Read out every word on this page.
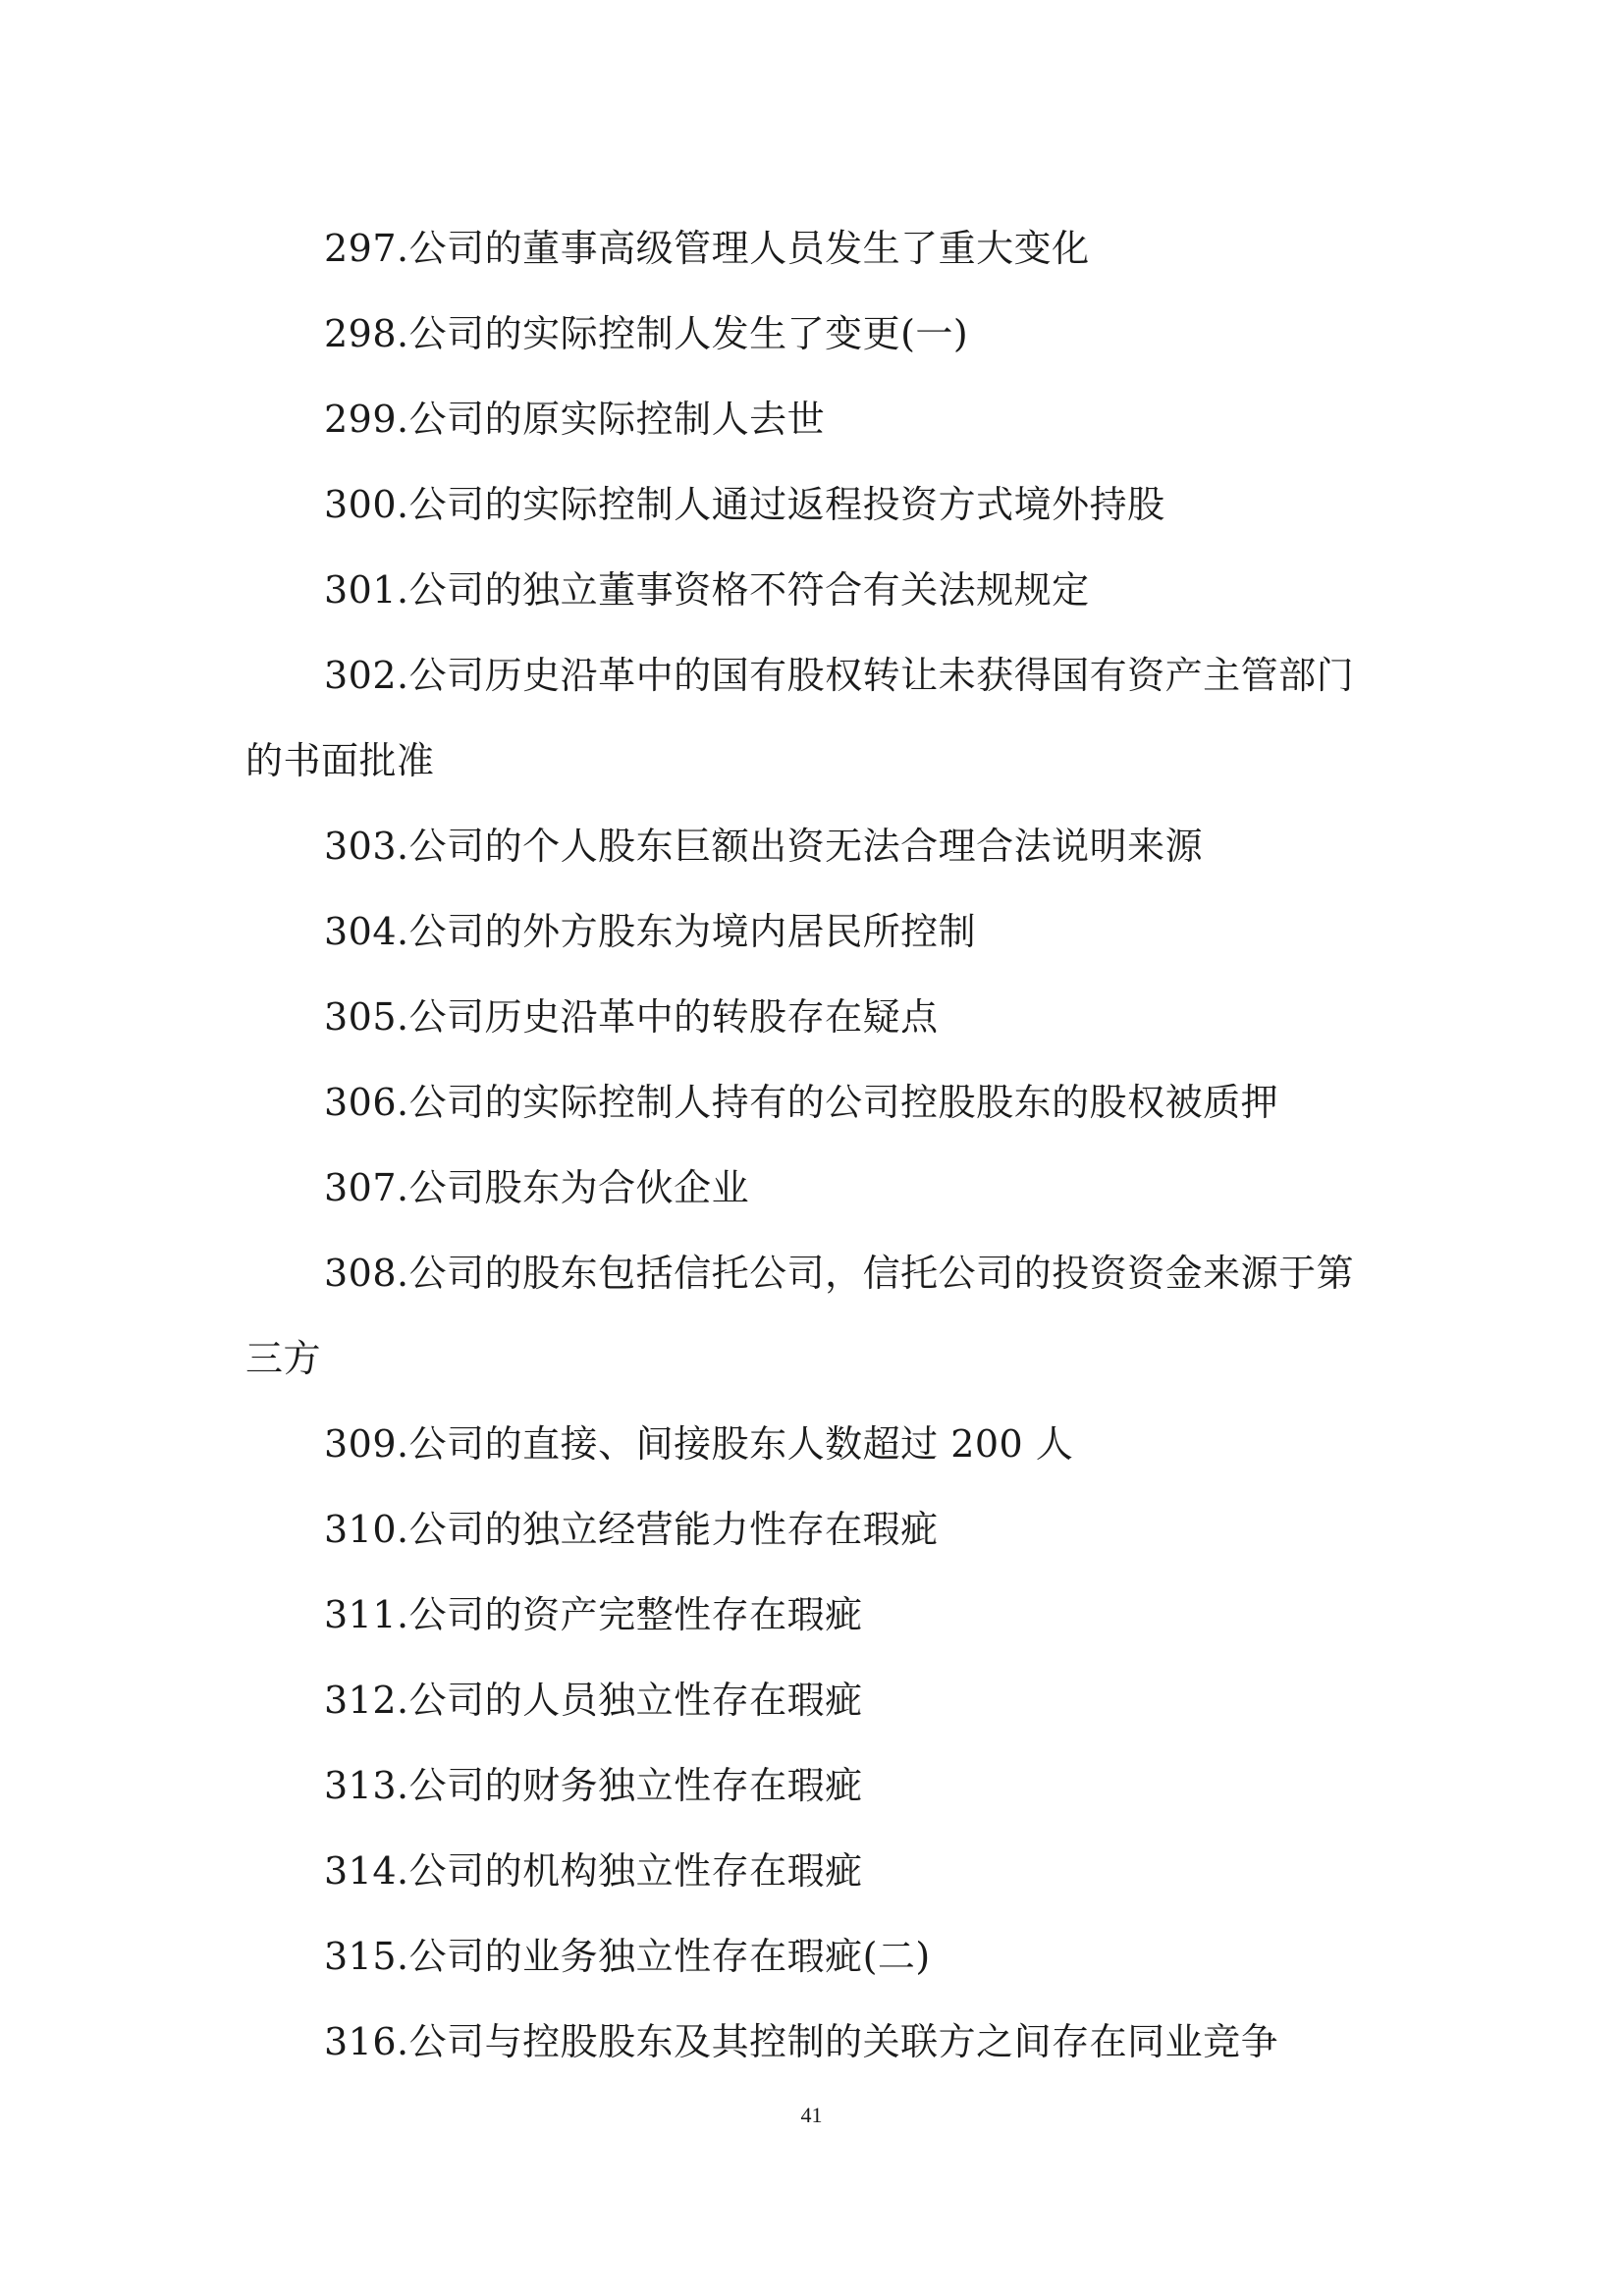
297.公司的董事高级管理人员发生了重大变化

298.公司的实际控制人发生了变更(一)

299.公司的原实际控制人去世

300.公司的实际控制人通过返程投资方式境外持股

301.公司的独立董事资格不符合有关法规规定

302.公司历史沿革中的国有股权转让未获得国有资产主管部门的书面批准

303.公司的个人股东巨额出资无法合理合法说明来源

304.公司的外方股东为境内居民所控制

305.公司历史沿革中的转股存在疑点

306.公司的实际控制人持有的公司控股股东的股权被质押

307.公司股东为合伙企业

308.公司的股东包括信托公司，信托公司的投资资金来源于第三方

309.公司的直接、间接股东人数超过 200 人

310.公司的独立经营能力性存在瑕疵

311.公司的资产完整性存在瑕疵

312.公司的人员独立性存在瑕疵

313.公司的财务独立性存在瑕疵

314.公司的机构独立性存在瑕疵

315.公司的业务独立性存在瑕疵(二)

316.公司与控股股东及其控制的关联方之间存在同业竞争

41
